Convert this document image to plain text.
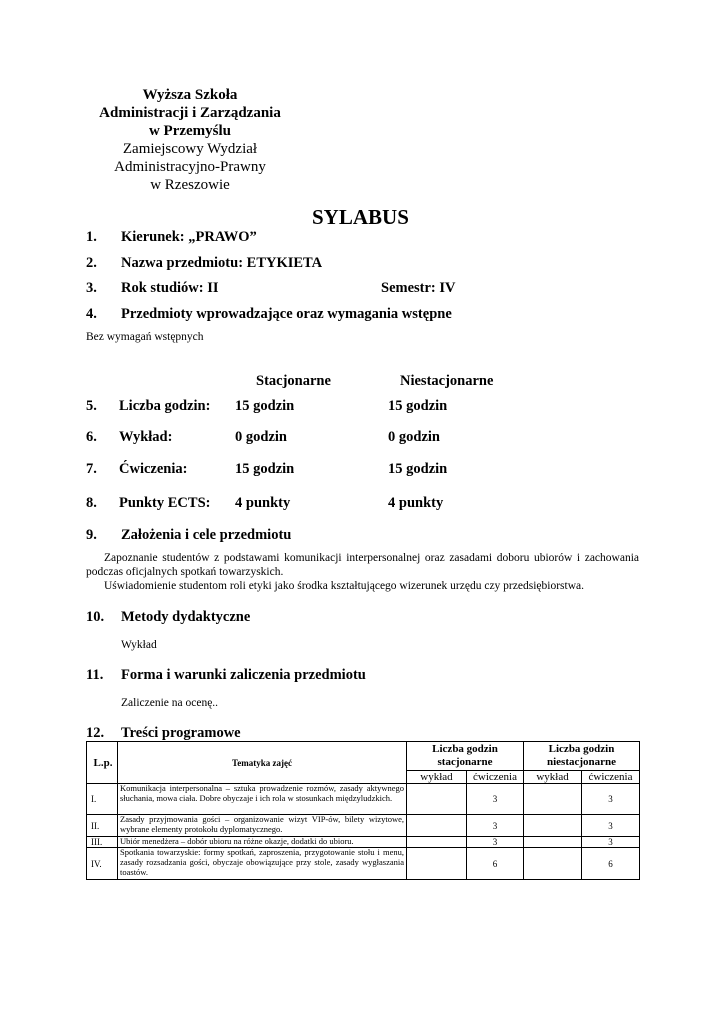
Wyższa Szkoła
Administracji i Zarządzania
w Przemyślu
Zamiejscowy Wydział
Administracyjno-Prawny
w Rzeszowie
SYLABUS
1. Kierunek: „PRAWO”
2. Nazwa przedmiotu: ETYKIETA
3. Rok studiów: II	Semestr: IV
4. Przedmioty wprowadzające oraz wymagania wstępne
Bez wymagań wstępnych
Stacjonarne	Niestacjonarne
5. Liczba godzin: 15 godzin	15 godzin
6. Wykład:	0 godzin	0 godzin
7. Ćwiczenia:	15 godzin	15 godzin
8. Punkty ECTS: 4 punkty	4 punkty
9. Założenia i cele przedmiotu
Zapoznanie studentów z podstawami komunikacji interpersonalnej oraz zasadami doboru ubiorów i zachowania podczas oficjalnych spotkań towarzyskich.
Uświadomienie studentom roli etyki jako środka kształtującego wizerunek urzędu czy przedsiębiorstwa.
10. Metody dydaktyczne
Wykład
11. Forma i warunki zaliczenia przedmiotu
Zaliczenie na ocenę..
12. Treści programowe
L.p.	Tematyka zajęć	Liczba godzin stacjonarne		Liczba godzin niestacjonarne	
		wykład	ćwiczenia	wykład	ćwiczenia
I.	Komunikacja interpersonalna – sztuka prowadzenie rozmów, zasady aktywnego słuchania, mowa ciała. Dobre obyczaje i ich rola w stosunkach międzyludzkich.		3		3
II.	Zasady przyjmowania gości – organizowanie wizyt VIP-ów, bilety wizytowe, wybrane elementy protokołu dyplomatycznego.		3		3
III.	Ubiór menedżera – dobór ubioru na różne okazje, dodatki do ubioru.		3		3
IV.	Spotkania towarzyskie: formy spotkań, zaproszenia, przygotowanie stołu i menu, zasady rozsadzania gości, obyczaje obowiązujące przy stole, zasady wygłaszania toastów.		6		6
